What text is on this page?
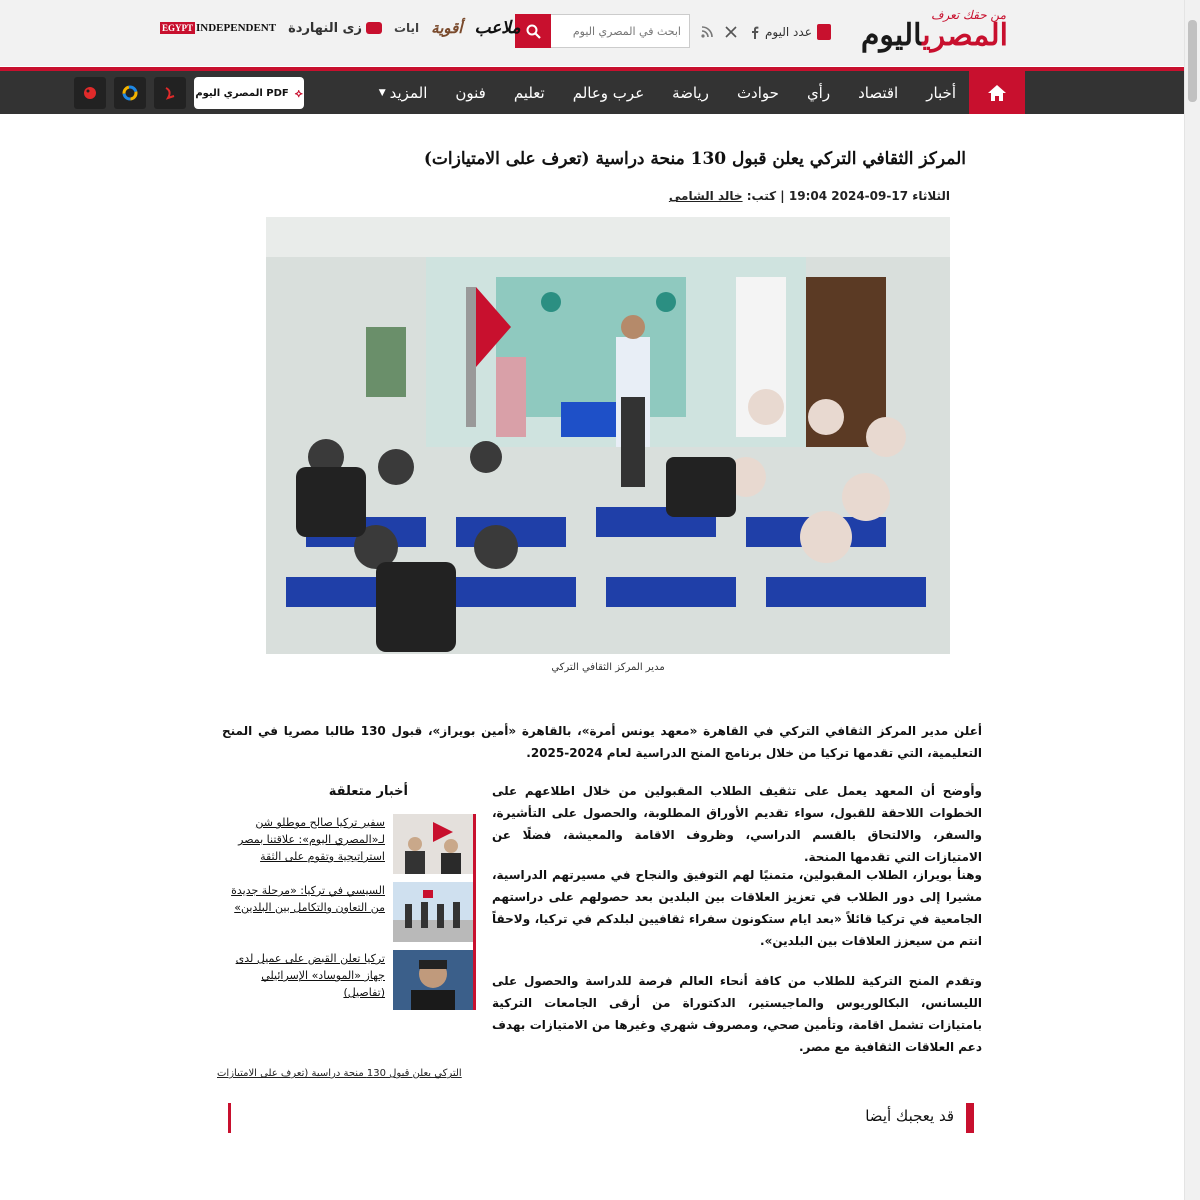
من حقك تعرف
المصرياليوم
عدد اليوم
ابحث في المصري اليوم
EGYPT INDEPENDENT زى النهاردة	ايات أقوية ملاعب
أخبار
اقتصاد
رأي
حوادث
رياضة
عرب وعالم
تعليم
فنون
المزيد
▼
المصري اليوم PDF ⟡
المركز الثقافي التركي يعلن قبول 130 منحة دراسية (تعرف على الامتيازات)
الثلاثاء 17-09-2024 19:04 | كتب: خالد الشامى
مدير المركز الثقافي التركي

أعلن مدير المركز الثقافي التركي في القاهرة «معهد يونس أمرة»، بالقاهرة «أمين بويراز»، قبول 130 طالبا مصريا في المنح التعليمية، التي تقدمها تركيا من خلال برنامج المنح الدراسية لعام 2024-2025.

وأوضح أن المعهد يعمل على تثقيف الطلاب المقبولين من خلال اطلاعهم على الخطوات اللاحقة للقبول، سواء تقديم الأوراق المطلوبة، والحصول على التأشيرة، والسفر، والالتحاق بالقسم الدراسي، وظروف الاقامة والمعيشة، فضلًا عن الامتيازات التي تقدمها المنحة.

وهنأ بويراز، الطلاب المقبولين، متمنيًا لهم التوفيق والنجاح في مسيرتهم الدراسية، مشيرا إلى دور الطلاب في تعزيز العلاقات بين البلدين بعد حصولهم على دراستهم الجامعية في تركيا قائلاً «بعد ايام ستكونون سفراء ثقافيين لبلدكم في تركيا، ولاحقاً انتم من سيعزز العلاقات بين البلدين».

وتقدم المنح التركية للطلاب من كافة أنحاء العالم فرصة للدراسة والحصول على الليسانس، البكالوريوس والماجيستير، الدكتوراة من أرقى الجامعات التركية بامتيازات تشمل اقامة، وتأمين صحي، ومصروف شهري وغيرها من الامتيازات بهدف دعم العلاقات الثقافية مع مصر.

أخبار متعلقة
سفير تركيا صالح موطلو شن لـ«المصري اليوم»: علاقتنا بمصر استراتيجية وتقوم على الثقة
السيسي في تركيا: «مرحلة جديدة من التعاون والتكامل بين البلدين»
تركيا تعلن القبض على عميل لدى جهاز «الموساد» الإسرائيلي (تفاصيل)
التركي يعلن قبول 130 منحة دراسية (تعرف على الامتيازات
قد يعجبك أيضا
